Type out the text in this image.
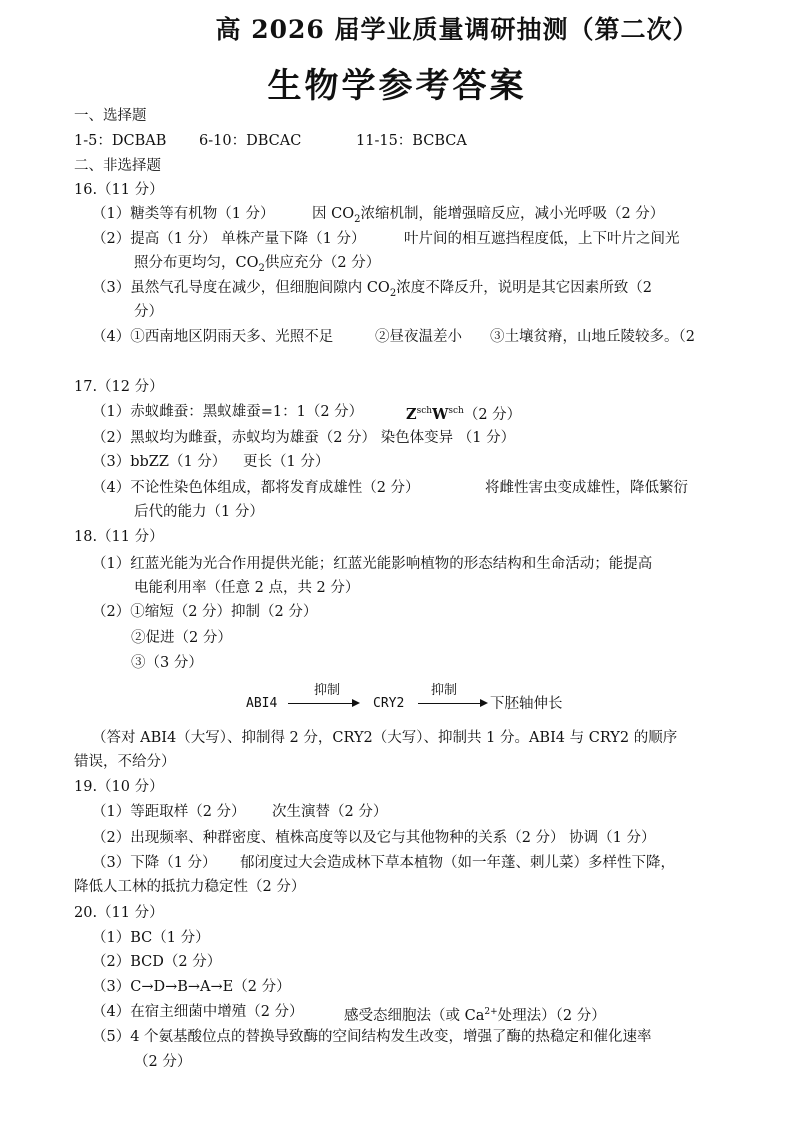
高 2026 届学业质量调研抽测（第二次）
生物学参考答案
一、选择题
1-5：DCBAB 6-10：DBCAC	11-15：BCBCA
二、非选择题
16.（11 分）
（1）糖类等有机物（1 分）	因 $CO_2$浓缩机制，能增强暗反应，减小光呼吸（2 分）
（2）提高（1 分） 单株产量下降（1 分）	叶片间的相互遮挡程度低，上下叶片之间光
照分布更均匀，$CO_2$供应充分（2 分）
（3）虽然气孔导度在减少，但细胞间隙内 $CO_2$浓度不降反升，说明是其它因素所致（2
分）
（4）①西南地区阴雨天多、光照不足	②昼夜温差小 ③土壤贫瘠，山地丘陵较多。（2
17.（12 分）
（1）赤蚁雌蚕：黑蚁雄蚕=1：1（2 分）	$Z^{sch}W^{sch}(2$ 分）
（2）黑蚁均为雌蚕，赤蚁均为雄蚕（2 分） 染色体变异 （1 分）
（3）bbZZ（1 分） 更长（1 分）
（4）不论性染色体组成，都将发育成雄性（2 分）	将雌性害虫变成雄性，降低繁衍
后代的能力（1 分）
18.（11 分）
（1）红蓝光能为光合作用提供光能；红蓝光能影响植物的形态结构和生命活动；能提高
电能利用率（任意 2 点，共 2 分）
（2）①缩短（2 分）抑制（2 分）
②促进（2 分）
③（3 分）
ABI4
抑制
CRY2
抑制
下胚轴伸长
（答对 ABI4（大写）、抑制得 2 分，CRY2（大写）、抑制共 1 分。ABI4 与 CRY2 的顺序
错误，不给分）
19.（10 分）
（1）等距取样（2 分） 次生演替（2 分）
（2）出现频率、种群密度、植株高度等以及它与其他物种的关系（2 分） 协调（1 分）
（3）下降（1 分） 郁闭度过大会造成林下草本植物（如一年蓬、刺儿菜）多样性下降，
降低人工林的抵抗力稳定性（2 分）
20.（11 分）
（1）BC（1 分）
（2）BCD（2 分）
（3）C→D→B→A→E（2 分）
（4）在宿主细菌中增殖（2 分）	感受态细胞法（或 $Ca^{2+}$处理法）（2 分）
（5）4 个氨基酸位点的替换导致酶的空间结构发生改变，增强了酶的热稳定和催化速率
（2 分）
